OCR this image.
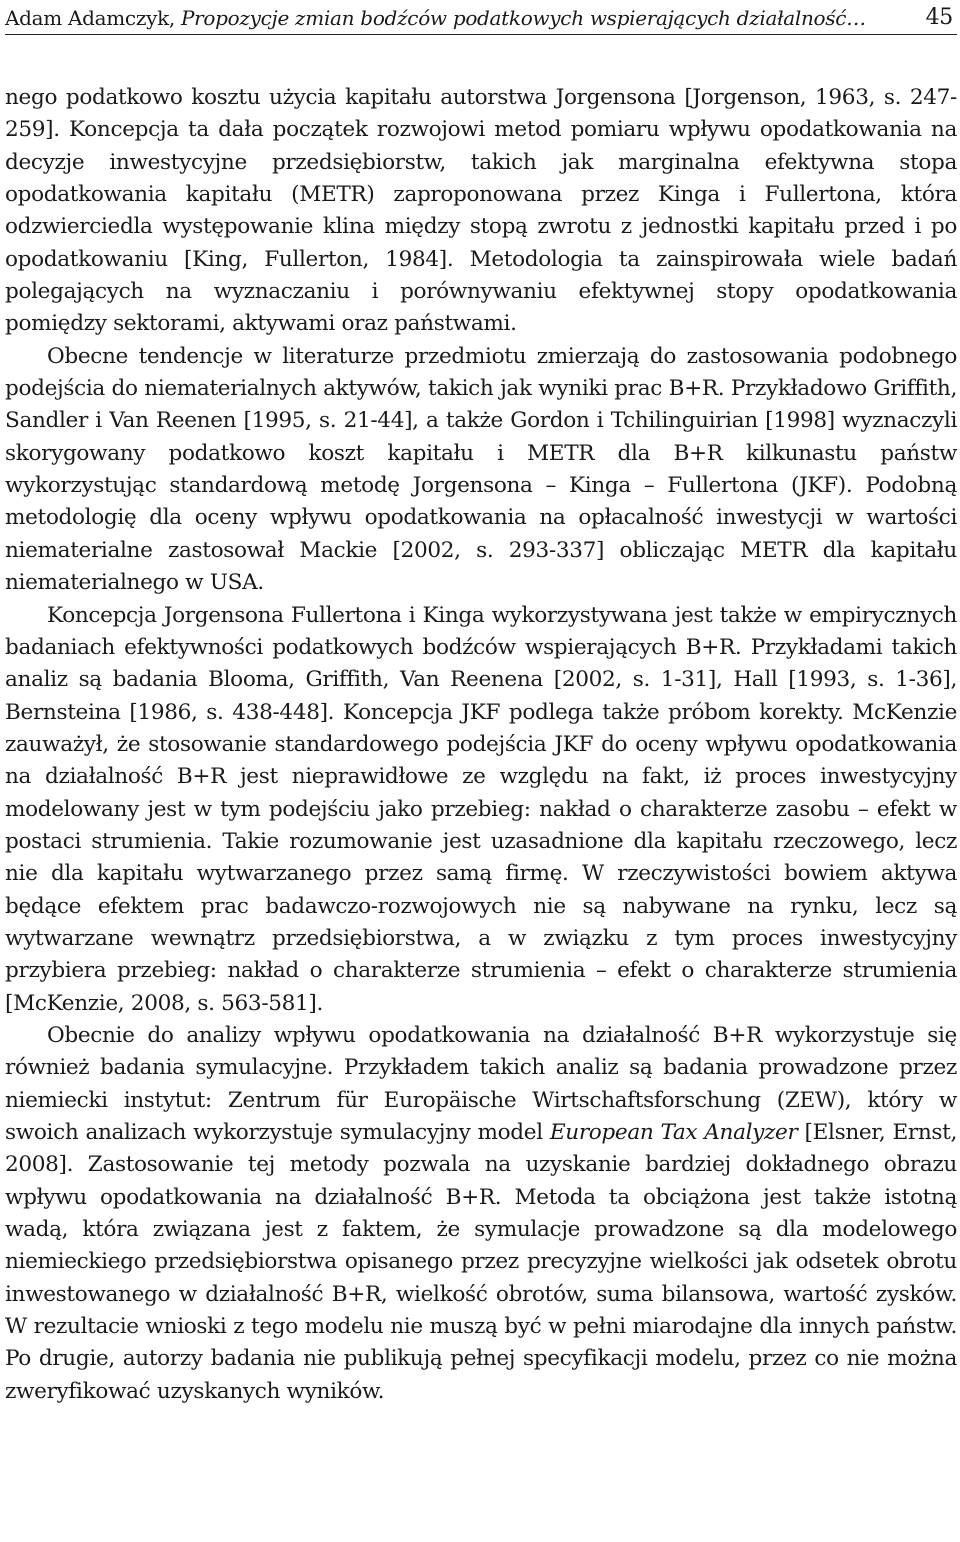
Adam Adamczyk, Propozycje zmian bodźców podatkowych wspierających działalność…	45

nego podatkowo kosztu użycia kapitału autorstwa Jorgensona [Jorgenson, 1963, s. 247-259]. Koncepcja ta dała początek rozwojowi metod pomiaru wpływu opodatkowania na decyzje inwestycyjne przedsiębiorstw, takich jak marginalna efektywna stopa opodatkowania kapitału (METR) zaproponowana przez Kinga i Fullertona, która odzwierciedla występowanie klina między stopą zwrotu z jednostki kapitału przed i po opodatkowaniu [King, Fullerton, 1984]. Metodologia ta zainspirowała wiele badań polegających na wyznaczaniu i porównywaniu efektywnej stopy opodatkowania pomiędzy sektorami, aktywami oraz państwami.

Obecne tendencje w literaturze przedmiotu zmierzają do zastosowania podobnego podejścia do niematerialnych aktywów, takich jak wyniki prac B+R. Przykładowo Griffith, Sandler i Van Reenen [1995, s. 21-44], a także Gordon i Tchilinguirian [1998] wyznaczyli skorygowany podatkowo koszt kapitału i METR dla B+R kilkunastu państw wykorzystując standardową metodę Jorgensona – Kinga – Fullertona (JKF). Podobną metodologię dla oceny wpływu opodatkowania na opłacalność inwestycji w wartości niematerialne zastosował Mackie [2002, s. 293-337] obliczając METR dla kapitału niematerialnego w USA.

Koncepcja Jorgensona Fullertona i Kinga wykorzystywana jest także w empirycznych badaniach efektywności podatkowych bodźców wspierających B+R. Przykładami takich analiz są badania Blooma, Griffith, Van Reenena [2002, s. 1-31], Hall [1993, s. 1-36], Bernsteina [1986, s. 438-448]. Koncepcja JKF podlega także próbom korekty. McKenzie zauważył, że stosowanie standardowego podejścia JKF do oceny wpływu opodatkowania na działalność B+R jest nieprawidłowe ze względu na fakt, iż proces inwestycyjny modelowany jest w tym podejściu jako przebieg: nakład o charakterze zasobu – efekt w postaci strumienia. Takie rozumowanie jest uzasadnione dla kapitału rzeczowego, lecz nie dla kapitału wytwarzanego przez samą firmę. W rzeczywistości bowiem aktywa będące efektem prac badawczo-rozwojowych nie są nabywane na rynku, lecz są wytwarzane wewnątrz przedsiębiorstwa, a w związku z tym proces inwestycyjny przybiera przebieg: nakład o charakterze strumienia – efekt o charakterze strumienia [McKenzie, 2008, s. 563-581].

Obecnie do analizy wpływu opodatkowania na działalność B+R wykorzystuje się również badania symulacyjne. Przykładem takich analiz są badania prowadzone przez niemiecki instytut: Zentrum für Europäische Wirtschaftsforschung (ZEW), który w swoich analizach wykorzystuje symulacyjny model European Tax Analyzer [Elsner, Ernst, 2008]. Zastosowanie tej metody pozwala na uzyskanie bardziej dokładnego obrazu wpływu opodatkowania na działalność B+R. Metoda ta obciążona jest także istotną wadą, która związana jest z faktem, że symulacje prowadzone są dla modelowego niemieckiego przedsiębiorstwa opisanego przez precyzyjne wielkości jak odsetek obrotu inwestowanego w działalność B+R, wielkość obrotów, suma bilansowa, wartość zysków. W rezultacie wnioski z tego modelu nie muszą być w pełni miarodajne dla innych państw. Po drugie, autorzy badania nie publikują pełnej specyfikacji modelu, przez co nie można zweryfikować uzyskanych wyników.
